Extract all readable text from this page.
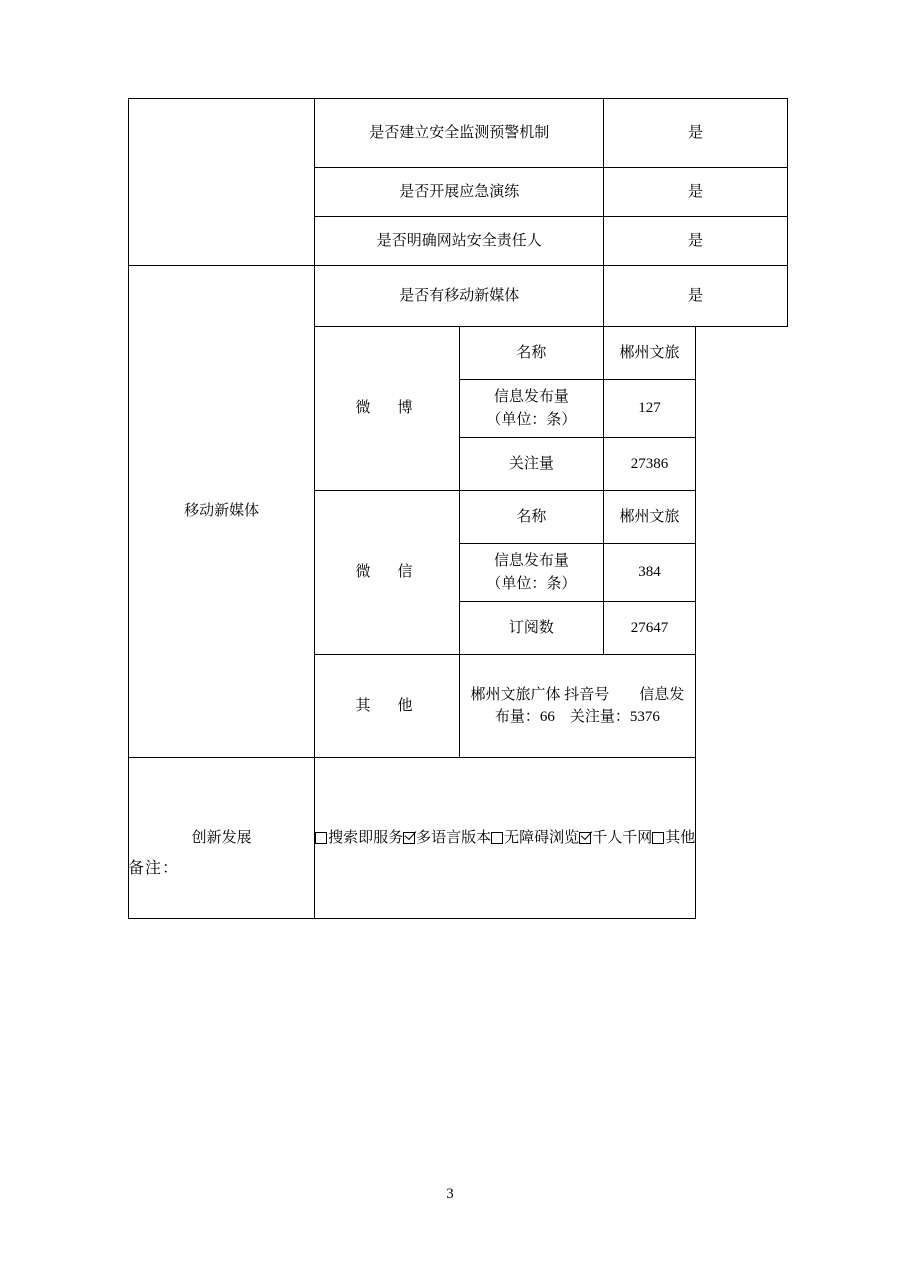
	是否建立安全监测预警机制		是
	是否开展应急演练		是
	是否明确网站安全责任人		是
移动新媒体	是否有移动新媒体		是
	微　博	名称	郴州文旅

		信息发布量
（单位：条）	127
		关注量	27386
	微　信	名称	郴州文旅

		信息发布量
（单位：条）	384
		订阅数	27647
	其　他	郴州文旅广体 抖音号　　信息发
布量：66　关注量：5376	

创新发展	搜索即服务 多语言版本 无障碍浏览 千人千网 其他		
备注：
3
